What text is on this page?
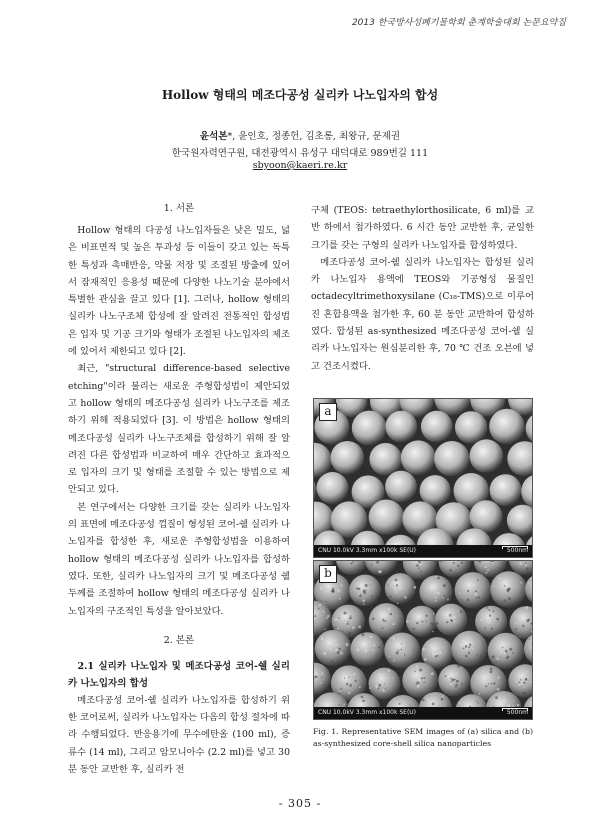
2013 한국방사성폐기물학회 춘계학술대회 논문요약집
Hollow 형태의 메조다공성 실리카 나노입자의 합성
윤석본*, 윤인호, 정종헌, 김초롱, 최왕규, 문제권
한국원자력연구원, 대전광역시 유성구 대덕대로 989번길 111
sbyoon@kaeri.re.kr
1. 서론

Hollow 형태의 다공성 나노입자들은 낮은 밀도, 넓은 비표면적 및 높은 투과성 등 이들이 갖고 있는 독특한 특성과 촉매반응, 약물 저장 및 조절된 방출에 있어서 잠재적인 응용성 때문에 다양한 나노기술 분야에서 특별한 관심을 끌고 있다 [1]. 그러나, hollow 형태의 실리카 나노구조체 합성에 잘 알려진 전통적인 합성법은 입자 및 기공 크기와 형태가 조절된 나노입자의 제조에 있어서 제한되고 있다 [2].

최근, "structural difference-based selective etching"이라 불리는 새로운 주형합성법이 제안되었고 hollow 형태의 메조다공성 실리카 나노구조를 제조하기 위해 적용되었다 [3]. 이 방법은 hollow 형태의 메조다공성 실리카 나노구조체를 합성하기 위해 잘 알려진 다른 합성법과 비교하여 매우 간단하고 효과적으로 입자의 크기 및 형태를 조절할 수 있는 방법으로 제안되고 있다.

본 연구에서는 다양한 크기를 갖는 실리카 나노입자의 표면에 메조다공성 껍질이 형성된 코어-쉘 실리카 나노입자를 합성한 후, 새로운 주형합성법을 이용하여 hollow 형태의 메조다공성 실리카 나노입자를 합성하였다. 또한, 실리카 나노입자의 크기 및 메조다공성 쉘 두께를 조절하여 hollow 형태의 메조다공성 실리카 나노입자의 구조적인 특성을 알아보았다.

2. 본론

2.1 실리카 나노입자 및 메조다공성 코어-쉘 실리카 나노입자의 합성

메조다공성 코어-쉘 실리카 나노입자를 합성하기 위한 코어로써, 실리카 나노입자는 다음의 합성 절차에 따라 수행되었다. 반응용기에 무수에탄올 (100 ml), 증류수 (14 ml), 그리고 암모니아수 (2.2 ml)를 넣고 30 분 동안 교반한 후, 실리카 전

구체 (TEOS: tetraethylorthosilicate, 6 ml)를 교반 하에서 첨가하였다. 6 시간 동안 교반한 후, 균일한 크기를 갖는 구형의 실리카 나노입자를 합성하였다.

메조다공성 코어-쉘 실리카 나노입자는 합성된 실리카 나노입자 용액에 TEOS와 기공형성 물질인 octadecyltrimethoxysilane (C₁₈-TMS)으로 이루어진 혼합용액을 첨가한 후, 60 분 동안 교반하여 합성하였다. 합성된 as-synthesized 메조다공성 코어-쉘 실리카 나노입자는 원심분리한 후, 70 ℃ 건조 오븐에 넣고 건조시켰다.

a
CNU 10.0kV 3.3mm x100k SE(U)	500nm
b
CNU 10.0kV 3.3mm x100k SE(U)	500nm
Fig. 1. Representative SEM images of (a) silica and (b) as-synthesized core-shell silica nanoparticles
- 305 -
